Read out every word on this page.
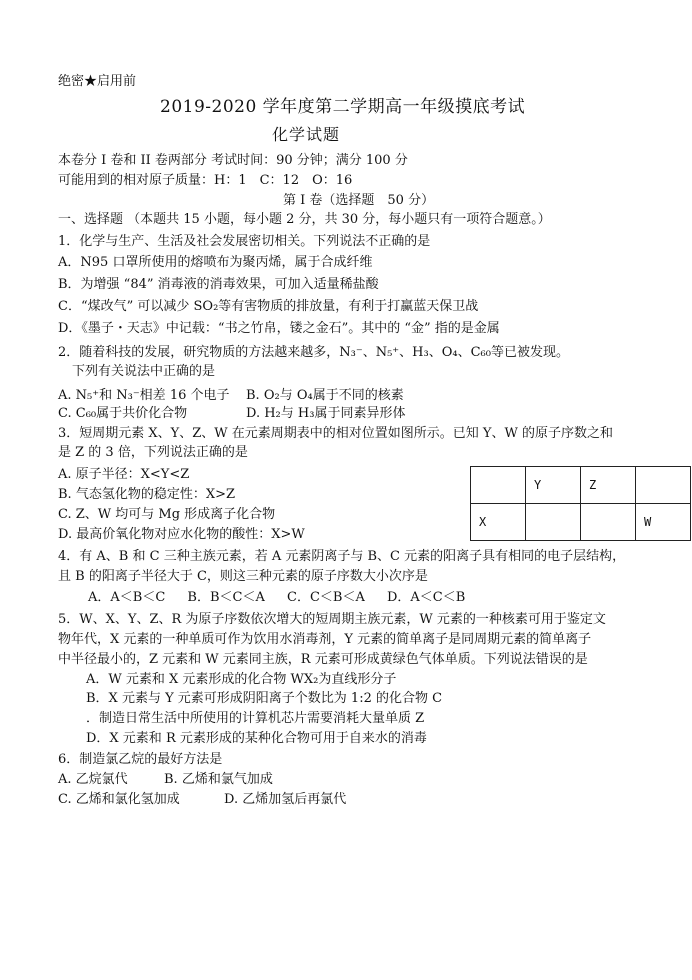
绝密★启用前
2019-2020 学年度第二学期高一年级摸底考试
化学试题
本卷分 I 卷和 II 卷两部分 考试时间：90 分钟；满分 100 分
可能用到的相对原子质量：H：1　C：12　O：16
第 I 卷（选择题　50 分）
一、选择题 （本题共 15 小题，每小题 2 分，共 30 分，每小题只有一项符合题意。）
1．化学与生产、生活及社会发展密切相关。下列说法不正确的是
A．N95 口罩所使用的熔喷布为聚丙烯，属于合成纤维
B．为增强 “84” 消毒液的消毒效果，可加入适量稀盐酸
C．“煤改气” 可以减少 SO₂等有害物质的排放量，有利于打赢蓝天保卫战
D．《墨子・天志》中记载：“书之竹帛，镂之金石”。其中的 “金” 指的是金属
2．随着科技的发展，研究物质的方法越来越多，N₃⁻、N₅⁺、H₃、O₄、C₆₀等已被发现。
下列有关说法中正确的是
A. N₅⁺和 N₃⁻相差 16 个电子 B. O₂与 O₄属于不同的核素
C. C₆₀属于共价化合物	D. H₂与 H₃属于同素异形体
3．短周期元素 X、Y、Z、W 在元素周期表中的相对位置如图所示。已知 Y、W 的原子序数之和
是 Z 的 3 倍，下列说法正确的是
A. 原子半径：X<Y<Z
B. 气态氢化物的稳定性：X>Z
C. Z、W 均可与 Mg 形成离子化合物
D. 最高价氧化物对应水化物的酸性：X>W
	Y	Z	
X			W
4．有 A、B 和 C 三种主族元素，若 A 元素阴离子与 B、C 元素的阳离子具有相同的电子层结构，
且 B 的阳离子半径大于 C，则这三种元素的原子序数大小次序是
A．A＜B＜C B．B＜C＜A C．C＜B＜A D．A＜C＜B
5．W、X、Y、Z、R 为原子序数依次增大的短周期主族元素，W 元素的一种核素可用于鉴定文
物年代，X 元素的一种单质可作为饮用水消毒剂，Y 元素的简单离子是同周期元素的简单离子
中半径最小的，Z 元素和 W 元素同主族，R 元素可形成黄绿色气体单质。下列说法错误的是
A．W 元素和 X 元素形成的化合物 WX₂为直线形分子
B．X 元素与 Y 元素可形成阴阳离子个数比为 1:2 的化合物 C
．制造日常生活中所使用的计算机芯片需要消耗大量单质 Z
D．X 元素和 R 元素形成的某种化合物可用于自来水的消毒
6．制造氯乙烷的最好方法是
A. 乙烷氯代	B. 乙烯和氯气加成
C. 乙烯和氯化氢加成	D. 乙烯加氢后再氯代
